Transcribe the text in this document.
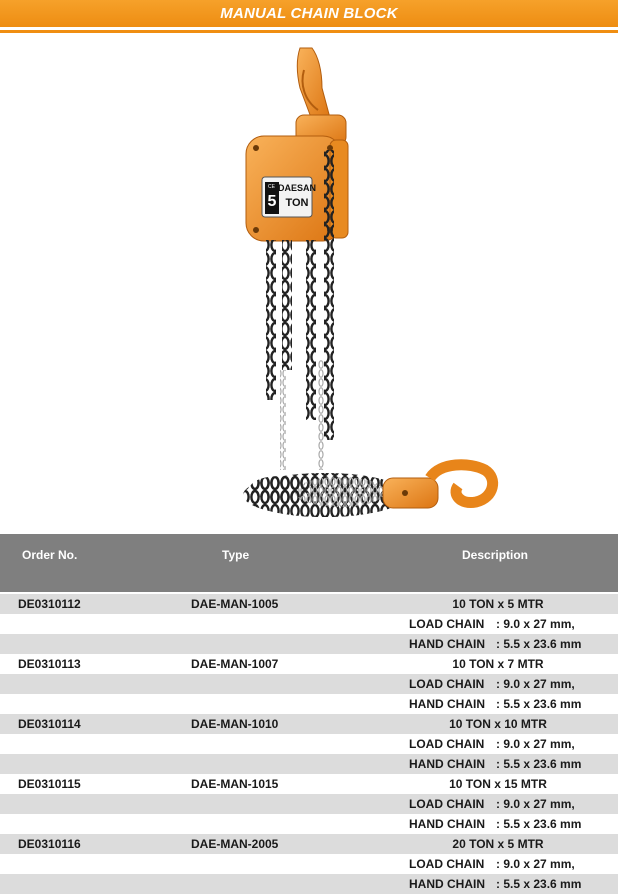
MANUAL CHAIN BLOCK
5
DAESAN
TON
CE
Order No.	Type	Description
DE0310112	DAE-MAN-1005	10 TON x 5 MTR
LOAD CHAIN : 9.0 x 27 mm,
HAND CHAIN : 5.5 x 23.6 mm
DE0310113	DAE-MAN-1007	10 TON x 7 MTR
LOAD CHAIN : 9.0 x 27 mm,
HAND CHAIN : 5.5 x 23.6 mm
DE0310114	DAE-MAN-1010	10 TON x 10 MTR
LOAD CHAIN : 9.0 x 27 mm,
HAND CHAIN : 5.5 x 23.6 mm
DE0310115	DAE-MAN-1015	10 TON x 15 MTR
LOAD CHAIN : 9.0 x 27 mm,
HAND CHAIN : 5.5 x 23.6 mm
DE0310116	DAE-MAN-2005	20 TON x 5 MTR
LOAD CHAIN : 9.0 x 27 mm,
HAND CHAIN : 5.5 x 23.6 mm
